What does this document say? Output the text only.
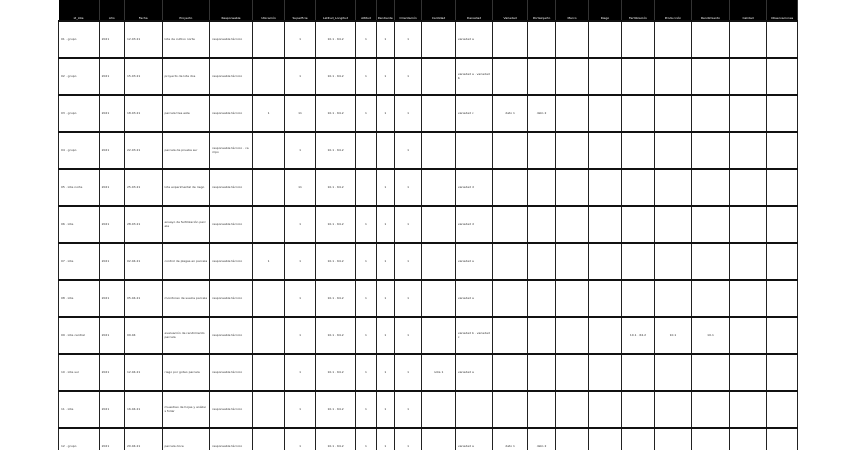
id_lote	Año	Fecha	Proyecto	Responsable	Ubicación	Superficie	Latitud_Longitud	Altitud	Pendiente	Orientación	Cantidad	Densidad	Variedad	Portainjerto	Marco	Riego	Fertilización	Producción	Rendimiento	Calidad	Observaciones
01 · grupo	2021	12.03.21	lote de cultivo norte	responsable técnico		1	10.1 · 64.2	1	1	1		variedad a									
02 · grupo	2021	15.03.21	proyecto de lote dos	responsable técnico		1	10.1 · 64.2	1	1	1		variedad a · variedad b									
03 · grupo	2021	18.03.21	parcela tres este	responsable técnico	1	11	10.1 · 64.2	1	1	1		variedad c	dato 1	dato 2							
04 · grupo	2021	22.03.21	parcela de prueba sur	responsable técnico · campo		1	10.1 · 64.2			1											
05 · lote norte	2021	25.03.21	lote experimental de riego	responsable técnico		11	10.1 · 64.2		1	1		variedad d									
06 · lote	2021	28.03.21	ensayo de fertilización parcela	responsable técnico		1	10.1 · 64.2	1	1	1		variedad d									
07 · lote	2021	02.04.21	control de plagas en parcela	responsable técnico	1	1	10.1 · 64.2	1	1	1		variedad a									
08 · lote	2021	05.04.21	monitoreo de suelos parcela	responsable técnico		1	10.1 · 64.2	1	1	1		variedad a									
09 · lote central	2021	09.04	evaluación de rendimiento parcela	responsable técnico		1	10.1 · 64.2	1	1	1		variedad b · variedad c					10.1 · 64.2	10.1	10.1		
10 · lote sur	2021	12.04.21	riego por goteo parcela	responsable técnico		1	10.1 · 64.2	1	1	1	nota 1	variedad a									
11 · lote	2021	16.04.21	muestreo de hojas y análisis foliar	responsable técnico		1	10.1 · 64.2	1	1	1											
12 · grupo	2021	20.04.21	parcela doce	responsable técnico		1	10.1 · 64.2	1	1	1		variedad a	dato 1	dato 2							
